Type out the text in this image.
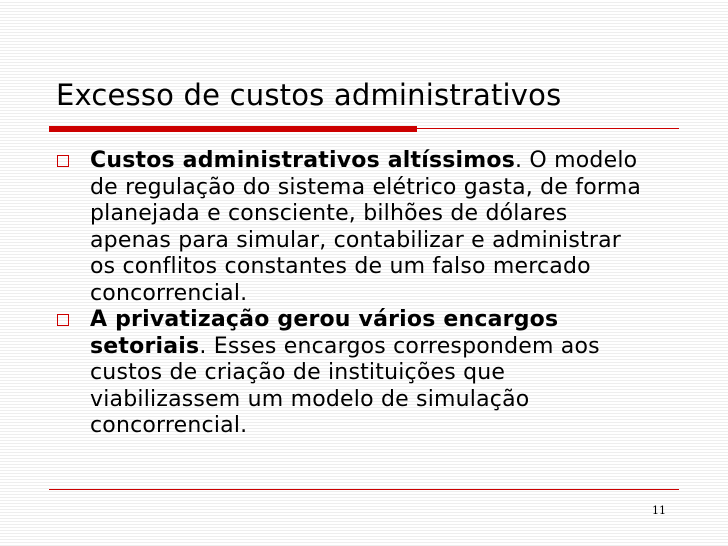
Excesso de custos administrativos
Custos administrativos altíssimos. O modelo de regulação do sistema elétrico gasta, de forma planejada e consciente, bilhões de dólares apenas para simular, contabilizar e administrar os conflitos constantes de um falso mercado concorrencial.
A privatização gerou vários encargos setoriais. Esses encargos correspondem aos custos de criação de instituições que viabilizassem um modelo de simulação concorrencial.
11
